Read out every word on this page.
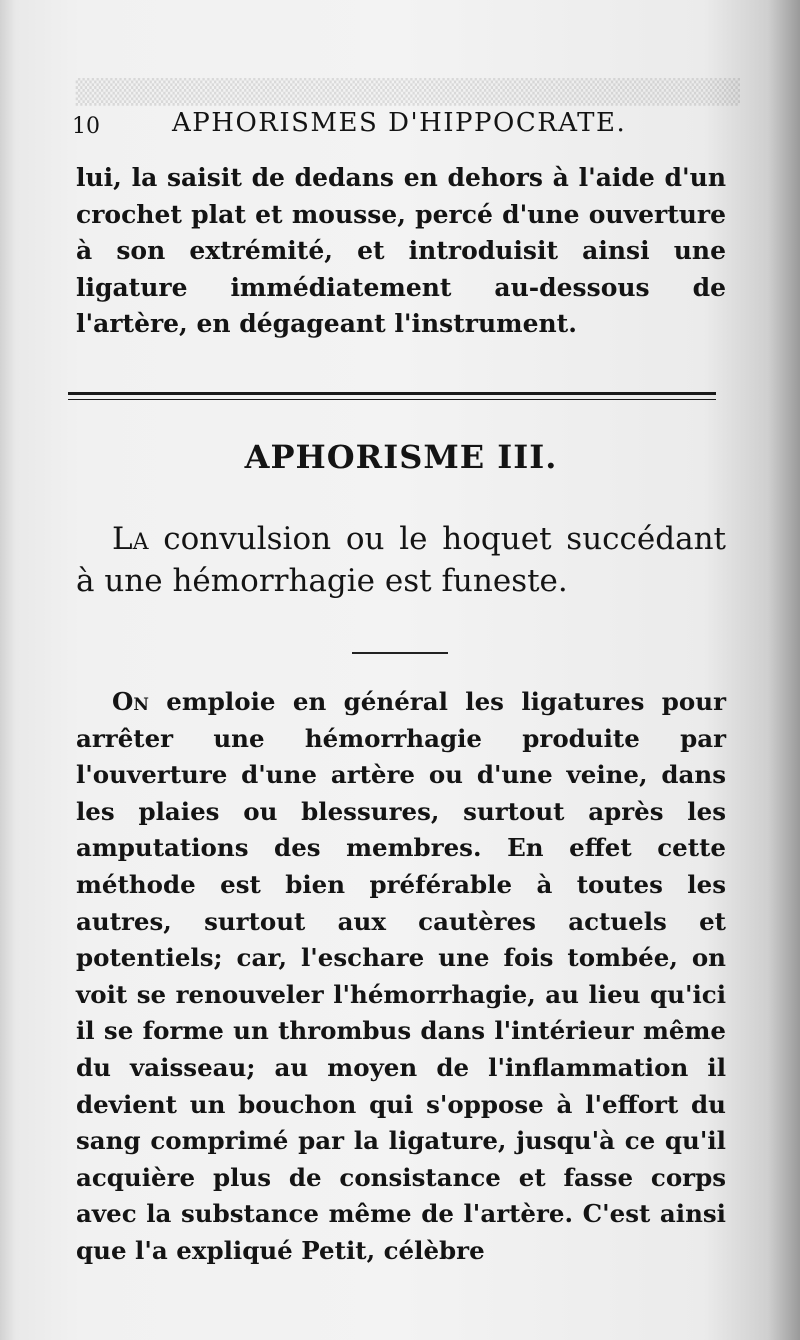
▒▒▒▒▒▒▒▒▒▒▒▒▒▒▒▒▒▒▒▒▒▒▒▒▒▒▒▒▒▒▒▒▒▒▒▒
10	APHORISMES D'HIPPOCRATE.
lui, la saisit de dedans en dehors à l'aide d'un crochet plat et mousse, percé d'une ouverture à son extrémité, et introduisit ainsi une ligature immédiatement au-dessous de l'artère, en dégageant l'instrument.
APHORISME III.
La convulsion ou le hoquet succédant à une hémorrhagie est funeste.
On emploie en général les ligatures pour arrêter une hémorrhagie produite par l'ouverture d'une artère ou d'une veine, dans les plaies ou blessures, surtout après les amputations des membres. En effet cette méthode est bien préférable à toutes les autres, surtout aux cautères actuels et potentiels; car, l'eschare une fois tombée, on voit se renouveler l'hémorrhagie, au lieu qu'ici il se forme un thrombus dans l'intérieur même du vaisseau; au moyen de l'inflammation il devient un bouchon qui s'oppose à l'effort du sang comprimé par la ligature, jusqu'à ce qu'il acquière plus de consistance et fasse corps avec la substance même de l'artère. C'est ainsi que l'a expliqué Petit, célèbre
